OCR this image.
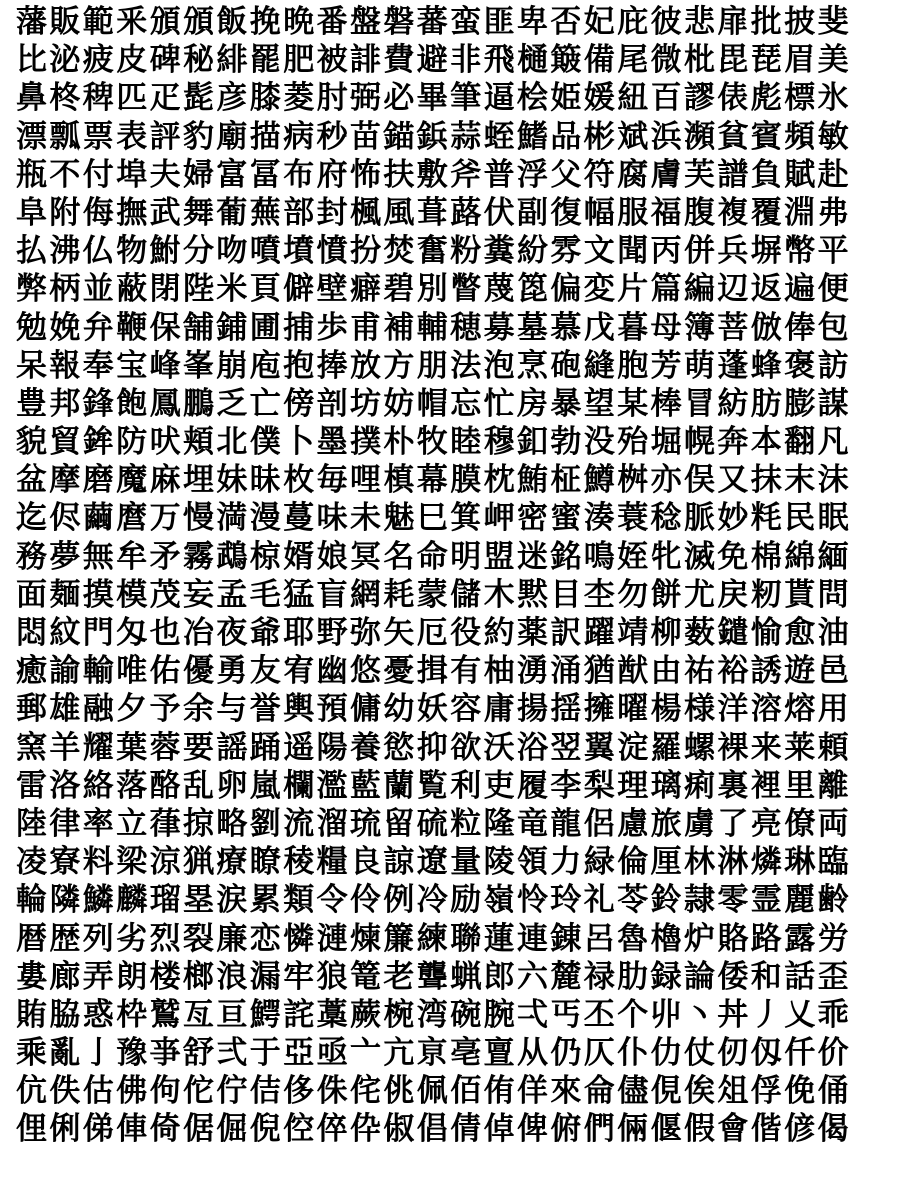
藩販範釆頒頒飯挽晩番盤磐蕃蛮匪卑否妃庇彼悲扉批披斐
比泌疲皮碑秘緋罷肥被誹費避非飛樋簸備尾微枇毘琵眉美
鼻柊稗匹疋髭彦膝菱肘弼必畢筆逼桧姫媛紐百謬俵彪標氷
漂瓢票表評豹廟描病秒苗錨鋲蒜蛭鰭品彬斌浜瀕貧賓頻敏
瓶不付埠夫婦富冨布府怖扶敷斧普浮父符腐膚芙譜負賦赴
阜附侮撫武舞葡蕪部封楓風葺蕗伏副復幅服福腹複覆淵弗
払沸仏物鮒分吻噴墳憤扮焚奮粉糞紛雰文聞丙併兵塀幣平
弊柄並蔽閉陛米頁僻壁癖碧別瞥蔑箆偏変片篇編辺返遍便
勉娩弁鞭保舗鋪圃捕歩甫補輔穂募墓慕戊暮母簿菩倣俸包
呆報奉宝峰峯崩庖抱捧放方朋法泡烹砲縫胞芳萌蓬蜂褒訪
豊邦鋒飽鳳鵬乏亡傍剖坊妨帽忘忙房暴望某棒冒紡肪膨謀
貌貿鉾防吠頬北僕卜墨撲朴牧睦穆釦勃没殆堀幌奔本翻凡
盆摩磨魔麻埋妹昧枚毎哩槙幕膜枕鮪柾鱒桝亦俣又抹末沫
迄侭繭麿万慢満漫蔓味未魅巳箕岬密蜜湊蓑稔脈妙粍民眠
務夢無牟矛霧鵡椋婿娘冥名命明盟迷銘鳴姪牝滅免棉綿緬
面麺摸模茂妄孟毛猛盲網耗蒙儲木黙目杢勿餅尤戻籾貰問
悶紋門匁也冶夜爺耶野弥矢厄役約薬訳躍靖柳薮鑓愉愈油
癒諭輸唯佑優勇友宥幽悠憂揖有柚湧涌猶猷由祐裕誘遊邑
郵雄融夕予余与誉輿預傭幼妖容庸揚揺擁曜楊様洋溶熔用
窯羊耀葉蓉要謡踊遥陽養慾抑欲沃浴翌翼淀羅螺裸来莱頼
雷洛絡落酪乱卵嵐欄濫藍蘭覧利吏履李梨理璃痢裏裡里離
陸律率立葎掠略劉流溜琉留硫粒隆竜龍侶慮旅虜了亮僚両
凌寮料梁涼猟療瞭稜糧良諒遼量陵領力緑倫厘林淋燐琳臨
輪隣鱗麟瑠塁涙累類令伶例冷励嶺怜玲礼苓鈴隷零霊麗齢
暦歴列劣烈裂廉恋憐漣煉簾練聯蓮連錬呂魯櫓炉賂路露労
婁廊弄朗楼榔浪漏牢狼篭老聾蝋郎六麓禄肋録論倭和話歪
賄脇惑枠鷲亙亘鰐詫藁蕨椀湾碗腕弌丐丕个丱丶丼丿乂乖
乘亂亅豫亊舒弍于亞亟亠亢亰亳亶从仍仄仆仂仗仞仭仟价
伉佚估佛佝佗佇佶侈侏侘佻佩佰侑佯來侖儘俔俟俎俘俛俑
俚俐俤俥倚倨倔倪倥倅伜俶倡倩倬俾俯們倆偃假會偕偐偈
